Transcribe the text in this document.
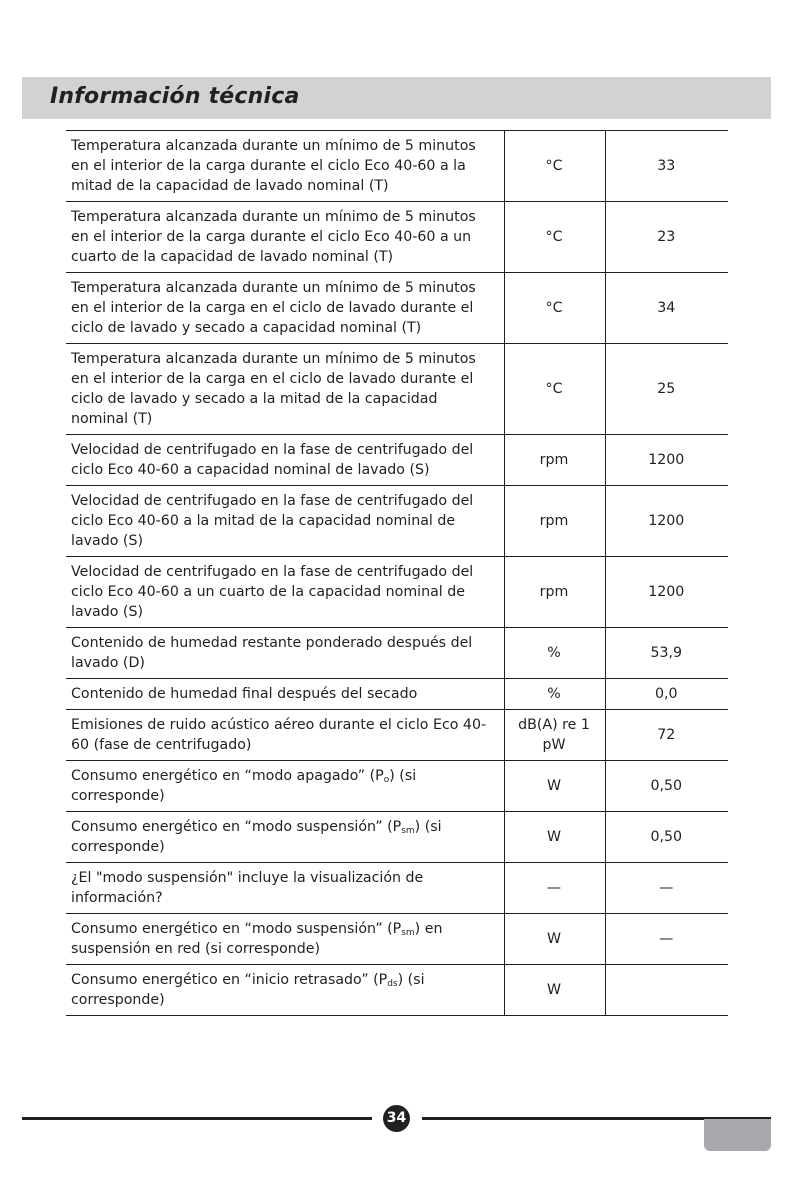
Información técnica
Temperatura alcanzada durante un mínimo de 5 minutos en el interior de la carga durante el ciclo Eco 40-60 a la mitad de la capacidad de lavado nominal (T)	°C	33
Temperatura alcanzada durante un mínimo de 5 minutos en el interior de la carga durante el ciclo Eco 40-60 a un cuarto de la capacidad de lavado nominal (T)	°C	23
Temperatura alcanzada durante un mínimo de 5 minutos en el interior de la carga en el ciclo de lavado durante el ciclo de lavado y secado a capacidad nominal (T)	°C	34
Temperatura alcanzada durante un mínimo de 5 minutos en el interior de la carga en el ciclo de lavado durante el ciclo de lavado y secado a la mitad de la capacidad nominal (T)	°C	25
Velocidad de centrifugado en la fase de centrifugado del ciclo Eco 40-60 a capacidad nominal de lavado (S)	rpm	1200
Velocidad de centrifugado en la fase de centrifugado del ciclo Eco 40-60 a la mitad de la capacidad nominal de lavado (S)	rpm	1200
Velocidad de centrifugado en la fase de centrifugado del ciclo Eco 40-60 a un cuarto de la capacidad nominal de lavado (S)	rpm	1200
Contenido de humedad restante ponderado después del lavado (D)	%	53,9
Contenido de humedad final después del secado	%	0,0
Emisiones de ruido acústico aéreo durante el ciclo Eco 40-60 (fase de centrifugado)	dB(A) re 1 pW	72
Consumo energético en “modo apagado” $(P_o)$ (si corresponde)	W	0,50
Consumo energético en “modo suspensión” $(P_{sm})$ (si corresponde)	W	0,50
¿El "modo suspensión" incluye la visualización de información?	—	—
Consumo energético en “modo suspensión” $(P_{sm})$ en suspensión en red (si corresponde)	W	—
Consumo energético en “inicio retrasado” $(P_{ds})$ (si corresponde)	W	
34
